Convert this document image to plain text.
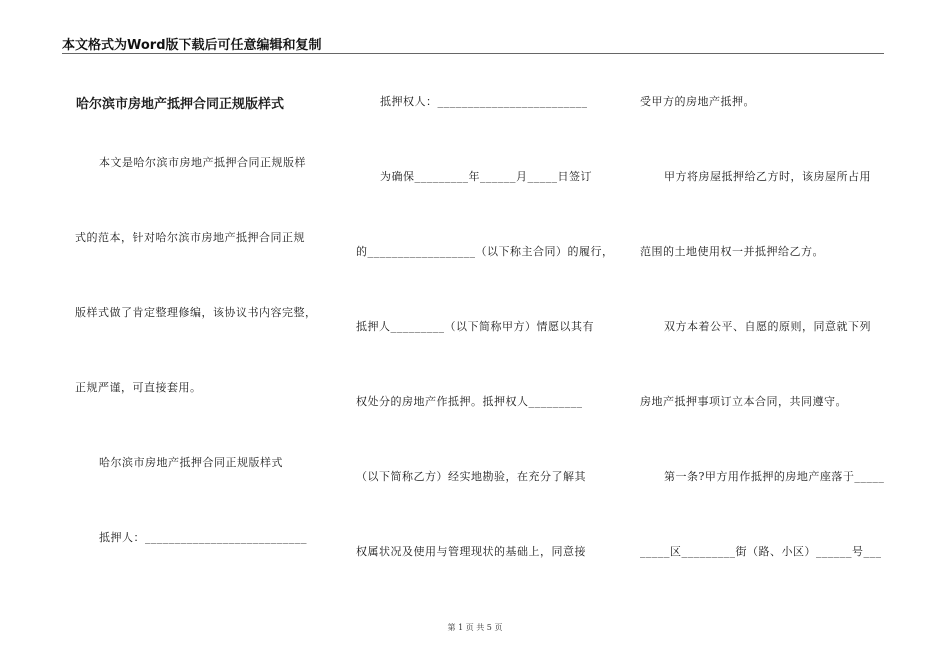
本文格式为Word版下载后可任意编辑和复制
哈尔滨市房地产抵押合同正规版样式
本文是哈尔滨市房地产抵押合同正规版样
式的范本，针对哈尔滨市房地产抵押合同正规
版样式做了肯定整理修编，该协议书内容完整，
正规严谨，可直接套用。
哈尔滨市房地产抵押合同正规版样式
抵押人：___________________________
抵押权人：_________________________
为确保_________年______月_____日签订
的__________________（以下称主合同）的履行，
抵押人_________（以下简称甲方）情愿以其有
权处分的房地产作抵押。抵押权人_________
（以下简称乙方）经实地勘验，在充分了解其
权属状况及使用与管理现状的基础上，同意接
受甲方的房地产抵押。
甲方将房屋抵押给乙方时，该房屋所占用
范围的土地使用权一并抵押给乙方。
双方本着公平、自愿的原则，同意就下列
房地产抵押事项订立本合同，共同遵守。
第一条?甲方用作抵押的房地产座落于_____
_____区_________街（路、小区）______号___
第 1 页 共 5 页
